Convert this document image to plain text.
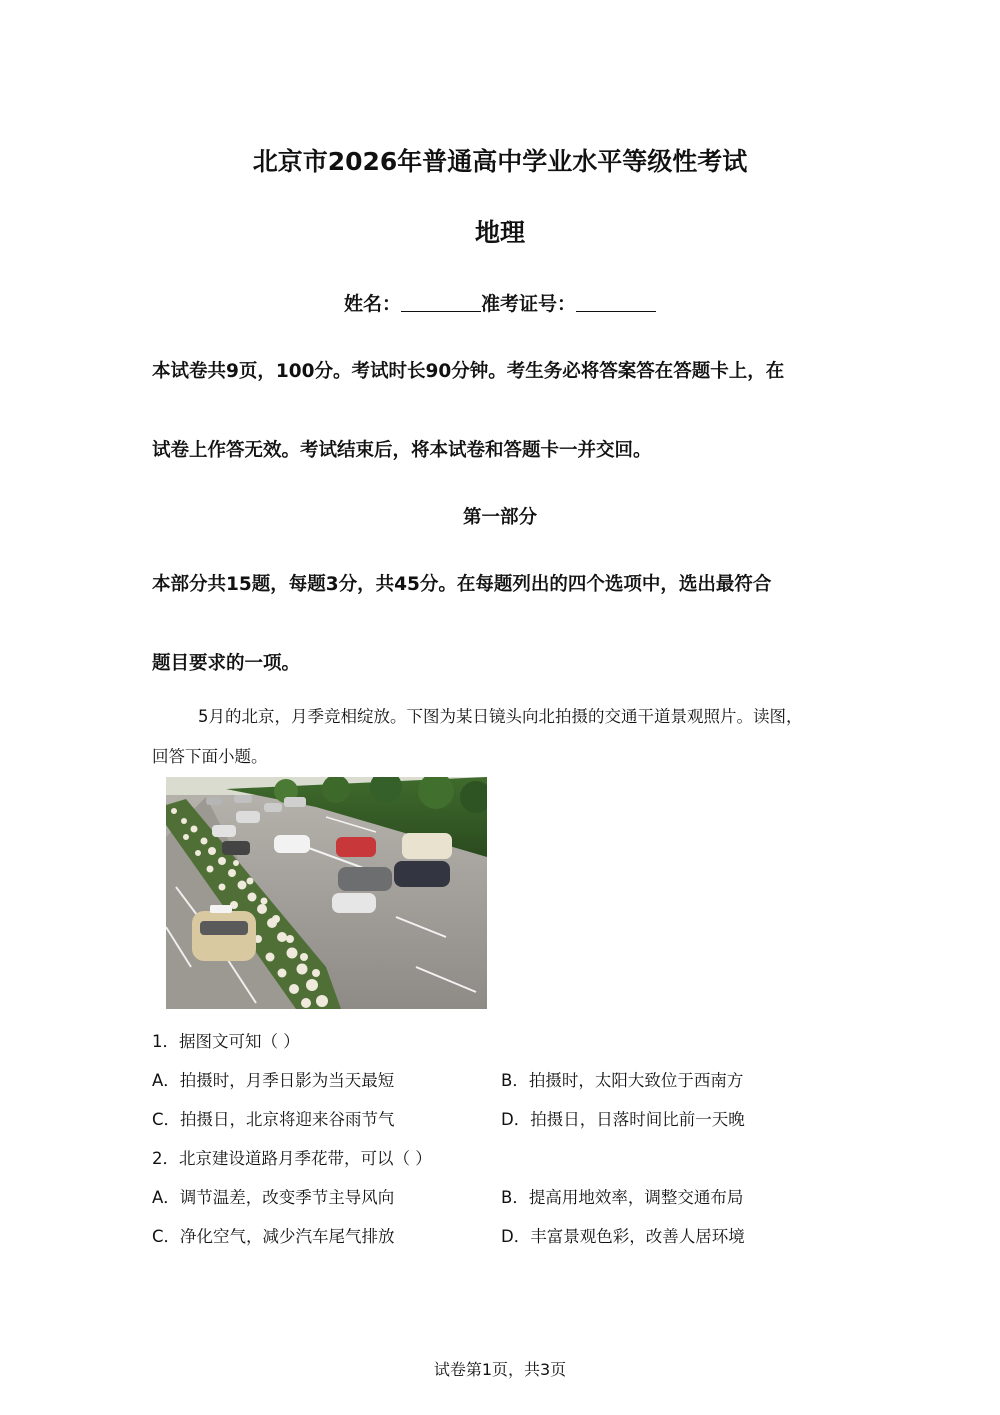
北京市2026年普通高中学业水平等级性考试
地理
姓名：	准考证号：
本试卷共9页，100分。考试时长90分钟。考生务必将答案答在答题卡上，在
试卷上作答无效。考试结束后，将本试卷和答题卡一并交回。
第一部分
本部分共15题，每题3分，共45分。在每题列出的四个选项中，选出最符合
题目要求的一项。
5月的北京，月季竞相绽放。下图为某日镜头向北拍摄的交通干道景观照片。读图，
回答下面小题。
1．据图文可知（ ）
A．拍摄时，月季日影为当天最短	B．拍摄时，太阳大致位于西南方
C．拍摄日，北京将迎来谷雨节气	D．拍摄日，日落时间比前一天晚
2．北京建设道路月季花带，可以（ ）
A．调节温差，改变季节主导风向	B．提高用地效率，调整交通布局
C．净化空气，减少汽车尾气排放	D．丰富景观色彩，改善人居环境
试卷第1页，共3页
